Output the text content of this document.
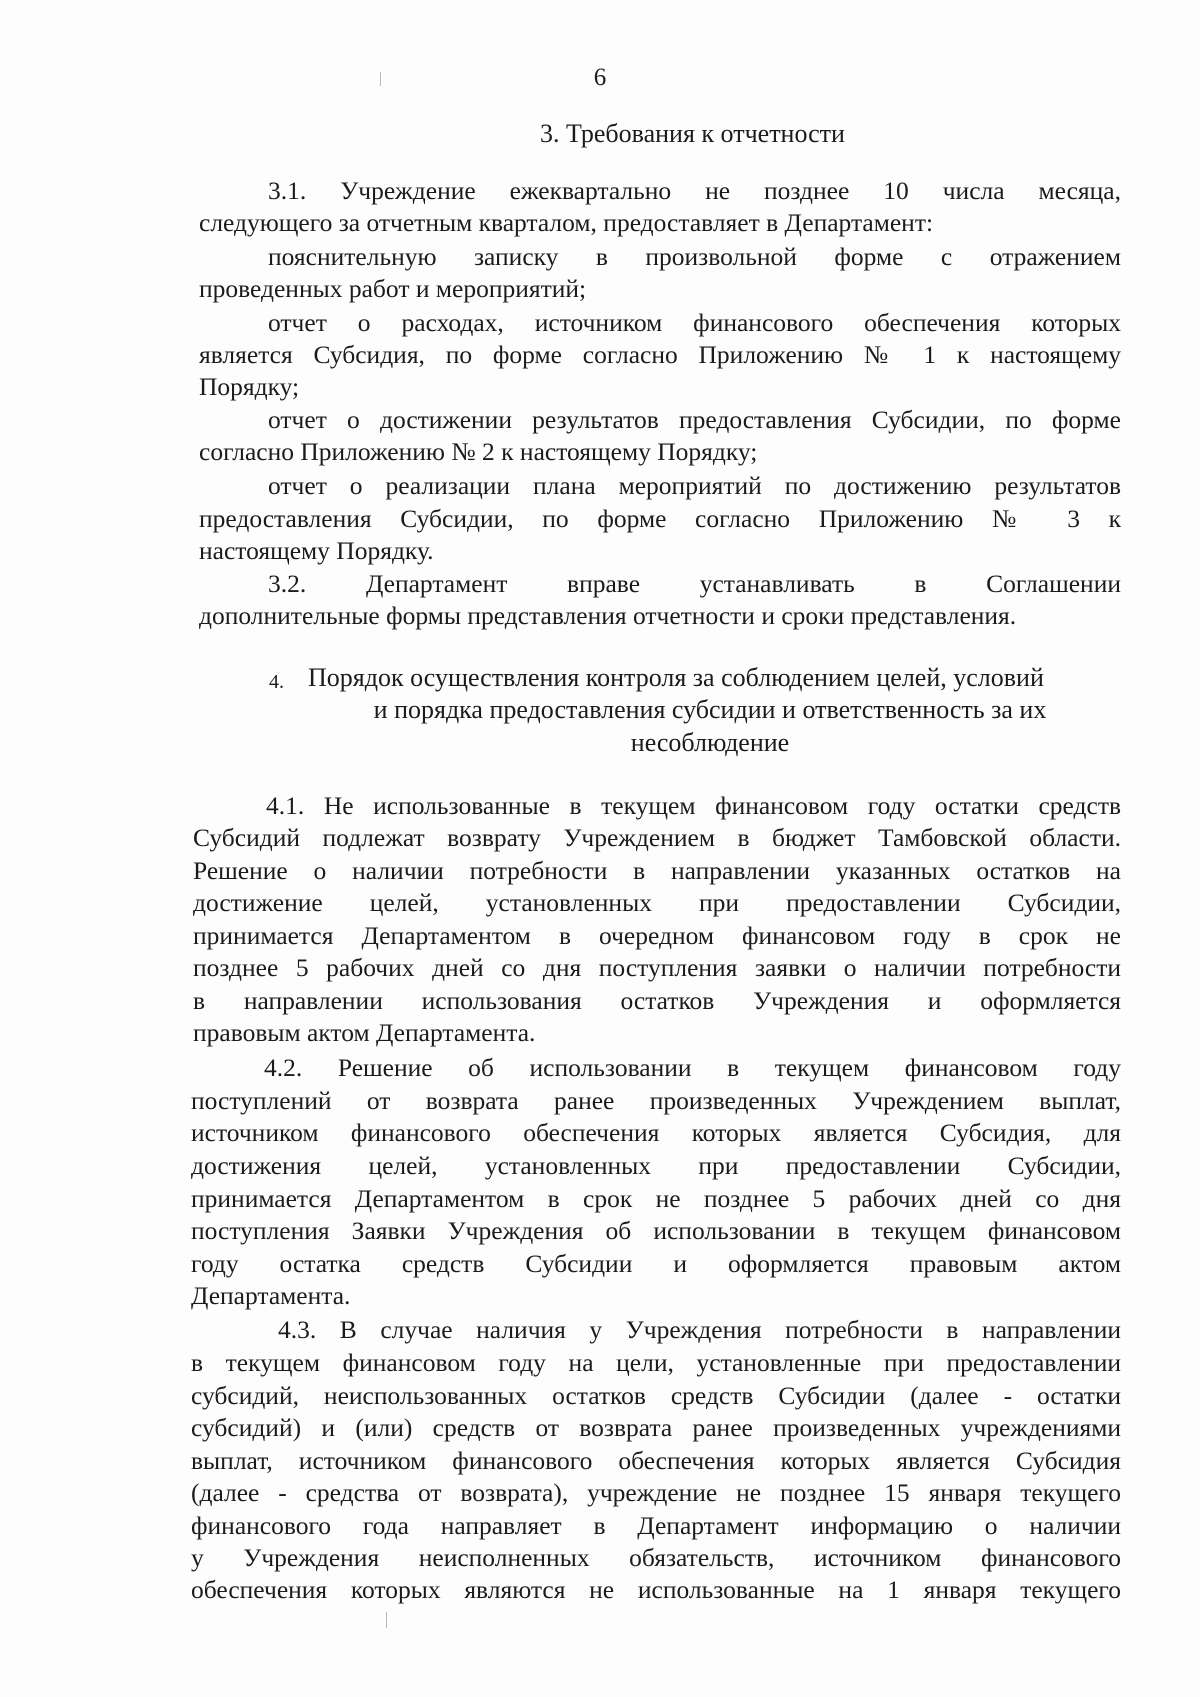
6

3. Требования к отчетности

3.1. Учреждение ежеквартально не позднее 10 числа месяца,

следующего за отчетным кварталом, предоставляет в Департамент:

пояснительную записку в произвольной форме с отражением

проведенных работ и мероприятий;

отчет о расходах, источником финансового обеспечения которых

является Субсидия, по форме согласно Приложению № 1 к настоящему

Порядку;

отчет о достижении результатов предоставления Субсидии, по форме

согласно Приложению № 2 к настоящему Порядку;

отчет о реализации плана мероприятий по достижению результатов

предоставления Субсидии, по форме согласно Приложению № 3 к

настоящему Порядку.

3.2. Департамент вправе устанавливать в Соглашении

дополнительные формы представления отчетности и сроки представления.

4. Порядок осуществления контроля за соблюдением целей, условий

и порядка предоставления субсидии и ответственность за их

несоблюдение

4.1. Не использованные в текущем финансовом году остатки средств

Субсидий подлежат возврату Учреждением в бюджет Тамбовской области.

Решение о наличии потребности в направлении указанных остатков на

достижение целей, установленных при предоставлении Субсидии,

принимается Департаментом в очередном финансовом году в срок не

позднее 5 рабочих дней со дня поступления заявки о наличии потребности

в направлении использования остатков Учреждения и оформляется

правовым актом Департамента.

4.2. Решение об использовании в текущем финансовом году

поступлений от возврата ранее произведенных Учреждением выплат,

источником финансового обеспечения которых является Субсидия, для

достижения целей, установленных при предоставлении Субсидии,

принимается Департаментом в срок не позднее 5 рабочих дней со дня

поступления Заявки Учреждения об использовании в текущем финансовом

году остатка средств Субсидии и оформляется правовым актом

Департамента.

4.3. В случае наличия у Учреждения потребности в направлении

в текущем финансовом году на цели, установленные при предоставлении

субсидий, неиспользованных остатков средств Субсидии (далее - остатки

субсидий) и (или) средств от возврата ранее произведенных учреждениями

выплат, источником финансового обеспечения которых является Субсидия

(далее - средства от возврата), учреждение не позднее 15 января текущего

финансового года направляет в Департамент информацию о наличии

у Учреждения неисполненных обязательств, источником финансового

обеспечения которых являются не использованные на 1 января текущего
